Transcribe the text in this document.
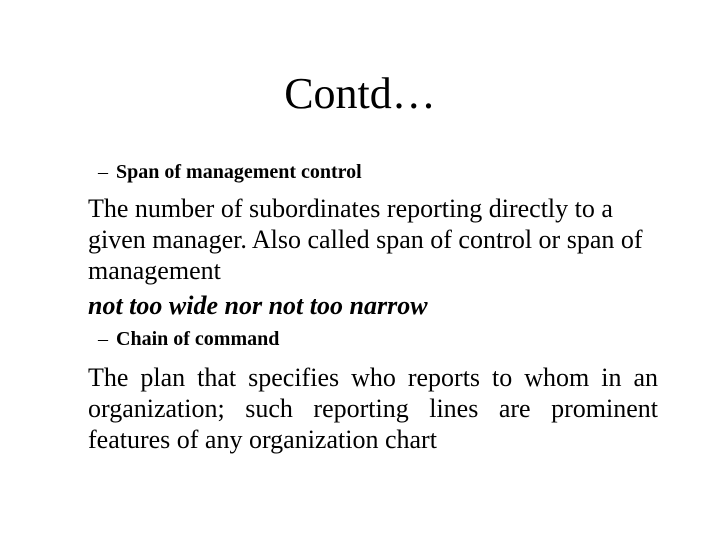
Contd…
– Span of management control
The number of subordinates reporting directly to a given manager. Also called span of control or span of management
not too wide nor not too narrow
– Chain of command
The plan that specifies who reports to whom in an organization; such reporting lines are prominent features of any organization chart
